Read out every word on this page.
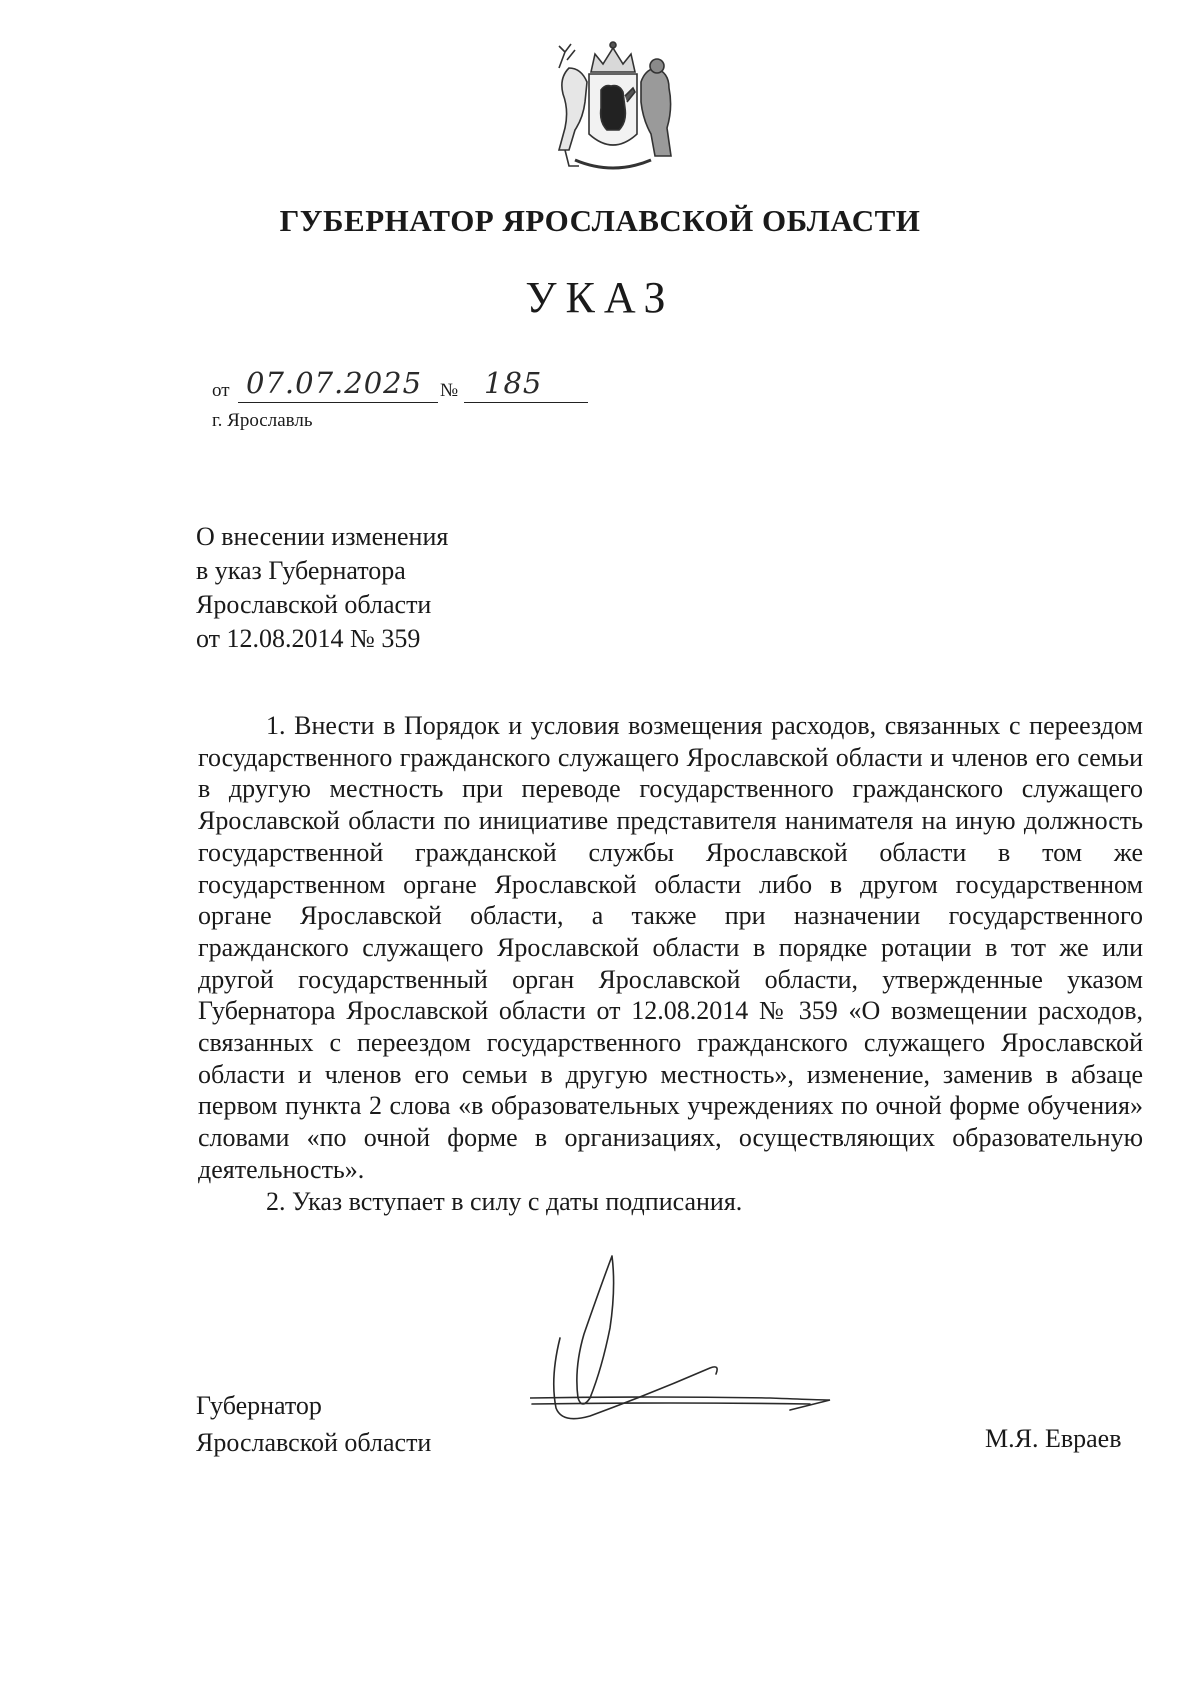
ГУБЕРНАТОР ЯРОСЛАВСКОЙ ОБЛАСТИ
УКАЗ
от 07.07.2025 № 185
г. Ярославль
О внесении изменения
в указ Губернатора
Ярославской области
от 12.08.2014 № 359

1. Внести в Порядок и условия возмещения расходов, связанных с переездом государственного гражданского служащего Ярославской области и членов его семьи в другую местность при переводе государственного гражданского служащего Ярославской области по инициативе представителя нанимателя на иную должность государственной гражданской службы Ярославской области в том же государственном органе Ярославской области либо в другом государственном органе Ярославской области, а также при назначении государственного гражданского служащего Ярославской области в порядке ротации в тот же или другой государственный орган Ярославской области, утвержденные указом Губернатора Ярославской области от 12.08.2014 № 359 «О возмещении расходов, связанных с переездом государственного гражданского служащего Ярославской области и членов его семьи в другую местность», изменение, заменив в абзаце первом пункта 2 слова «в образовательных учреждениях по очной форме обучения» словами «по очной форме в организациях, осуществляющих образовательную деятельность».

2. Указ вступает в силу с даты подписания.

Губернатор
Ярославской области	М.Я. Евраев
